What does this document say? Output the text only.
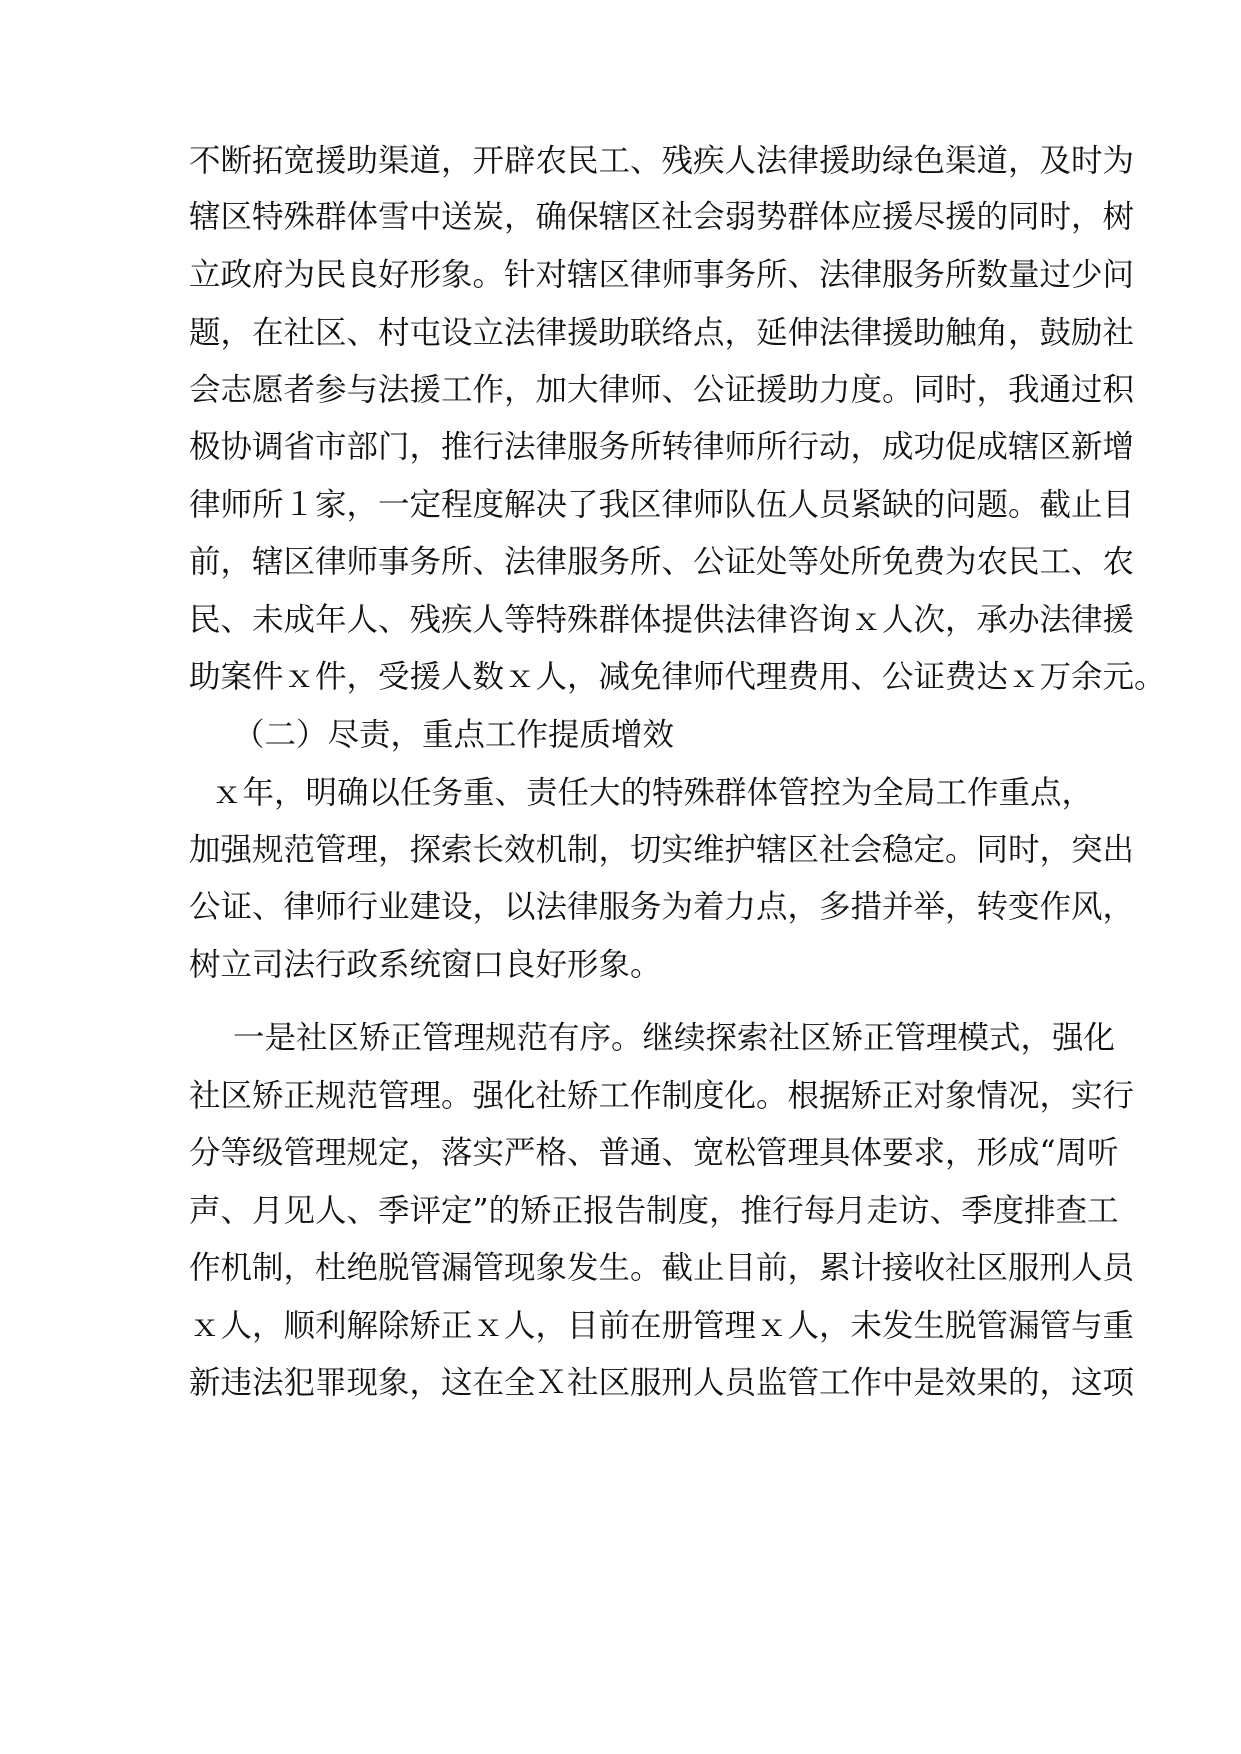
不断拓宽援助渠道，开辟农民工、残疾人法律援助绿色渠道，及时为
辖区特殊群体雪中送炭，确保辖区社会弱势群体应援尽援的同时，树
立政府为民良好形象。针对辖区律师事务所、法律服务所数量过少问
题，在社区、村屯设立法律援助联络点，延伸法律援助触角，鼓励社
会志愿者参与法援工作，加大律师、公证援助力度。同时，我通过积
极协调省市部门，推行法律服务所转律师所行动，成功促成辖区新增
律师所１家，一定程度解决了我区律师队伍人员紧缺的问题。截止目
前，辖区律师事务所、法律服务所、公证处等处所免费为农民工、农
民、未成年人、残疾人等特殊群体提供法律咨询ｘ人次，承办法律援
助案件ｘ件，受援人数ｘ人，减免律师代理费用、公证费达ｘ万余元。
（二）尽责，重点工作提质增效
ｘ年，明确以任务重、责任大的特殊群体管控为全局工作重点，
加强规范管理，探索长效机制，切实维护辖区社会稳定。同时，突出
公证、律师行业建设，以法律服务为着力点，多措并举，转变作风，
树立司法行政系统窗口良好形象。
一是社区矫正管理规范有序。继续探索社区矫正管理模式，强化
社区矫正规范管理。强化社矫工作制度化。根据矫正对象情况，实行
分等级管理规定，落实严格、普通、宽松管理具体要求，形成“周听
声、月见人、季评定”的矫正报告制度，推行每月走访、季度排查工
作机制，杜绝脱管漏管现象发生。截止目前，累计接收社区服刑人员
ｘ人，顺利解除矫正ｘ人，目前在册管理ｘ人，未发生脱管漏管与重
新违法犯罪现象，这在全Ｘ社区服刑人员监管工作中是效果的，这项
